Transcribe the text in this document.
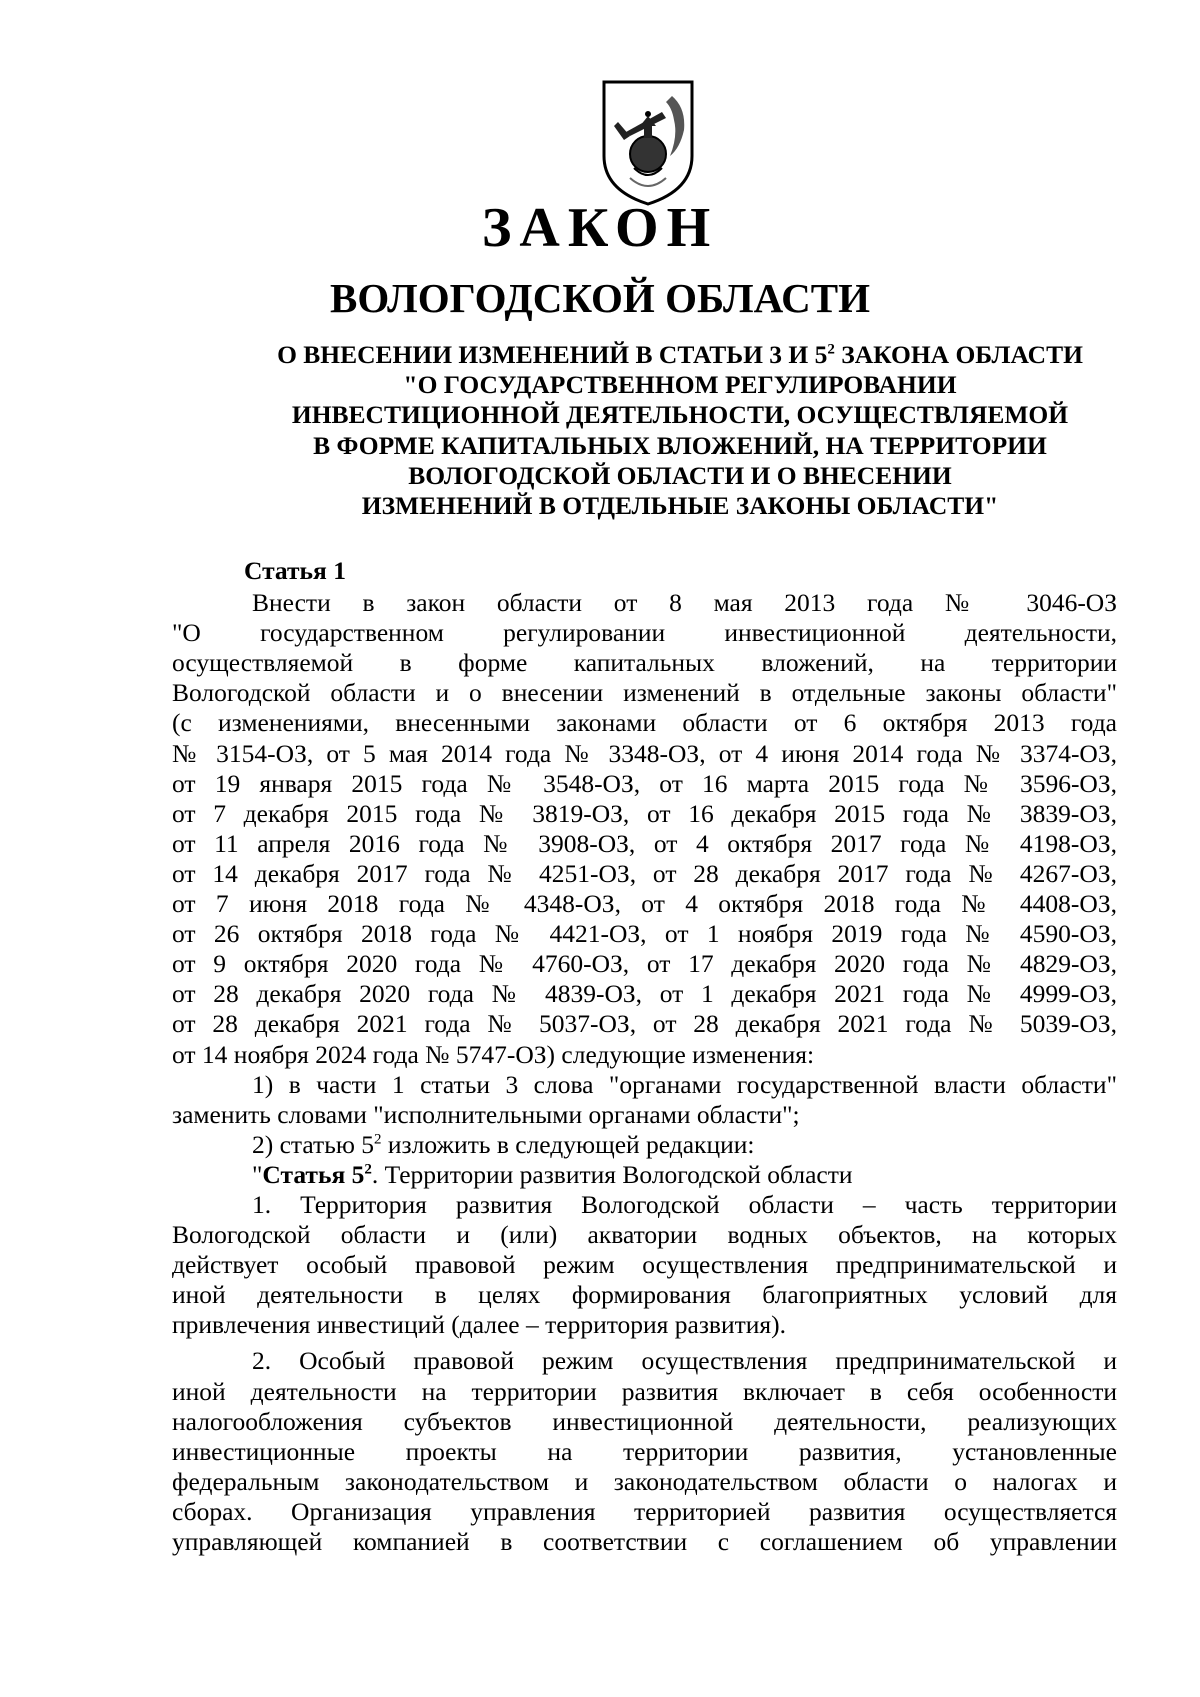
ЗАКОН
ВОЛОГОДСКОЙ ОБЛАСТИ
О ВНЕСЕНИИ ИЗМЕНЕНИЙ В СТАТЬИ 3 И $5^2$ ЗАКОНА ОБЛАСТИ
"О ГОСУДАРСТВЕННОМ РЕГУЛИРОВАНИИ
ИНВЕСТИЦИОННОЙ ДЕЯТЕЛЬНОСТИ, ОСУЩЕСТВЛЯЕМОЙ
В ФОРМЕ КАПИТАЛЬНЫХ ВЛОЖЕНИЙ, НА ТЕРРИТОРИИ
ВОЛОГОДСКОЙ ОБЛАСТИ И О ВНЕСЕНИИ
ИЗМЕНЕНИЙ В ОТДЕЛЬНЫЕ ЗАКОНЫ ОБЛАСТИ"
Статья 1
Внести в закон области от 8 мая 2013 года № 3046-ОЗ
"О государственном регулировании инвестиционной деятельности,
осуществляемой в форме капитальных вложений, на территории
Вологодской области и о внесении изменений в отдельные законы области"
(с изменениями, внесенными законами области от 6 октября 2013 года
№ 3154-ОЗ, от 5 мая 2014 года № 3348-ОЗ, от 4 июня 2014 года № 3374-ОЗ,
от 19 января 2015 года № 3548-ОЗ, от 16 марта 2015 года № 3596-ОЗ,
от 7 декабря 2015 года № 3819-ОЗ, от 16 декабря 2015 года № 3839-ОЗ,
от 11 апреля 2016 года № 3908-ОЗ, от 4 октября 2017 года № 4198-ОЗ,
от 14 декабря 2017 года № 4251-ОЗ, от 28 декабря 2017 года № 4267-ОЗ,
от 7 июня 2018 года № 4348-ОЗ, от 4 октября 2018 года № 4408-ОЗ,
от 26 октября 2018 года № 4421-ОЗ, от 1 ноября 2019 года № 4590-ОЗ,
от 9 октября 2020 года № 4760-ОЗ, от 17 декабря 2020 года № 4829-ОЗ,
от 28 декабря 2020 года № 4839-ОЗ, от 1 декабря 2021 года № 4999-ОЗ,
от 28 декабря 2021 года № 5037-ОЗ, от 28 декабря 2021 года № 5039-ОЗ,
от 14 ноября 2024 года № 5747-ОЗ) следующие изменения:
1) в части 1 статьи 3 слова "органами государственной власти области"
заменить словами "исполнительными органами области";
2) статью $5^2$ изложить в следующей редакции:
"Статья $5^2$. Территории развития Вологодской области
1. Территория развития Вологодской области – часть территории
Вологодской области и (или) акватории водных объектов, на которых
действует особый правовой режим осуществления предпринимательской и
иной деятельности в целях формирования благоприятных условий для
привлечения инвестиций (далее – территория развития).
2. Особый правовой режим осуществления предпринимательской и
иной деятельности на территории развития включает в себя особенности
налогообложения субъектов инвестиционной деятельности, реализующих
инвестиционные проекты на территории развития, установленные
федеральным законодательством и законодательством области о налогах и
сборах. Организация управления территорией развития осуществляется
управляющей компанией в соответствии с соглашением об управлении
